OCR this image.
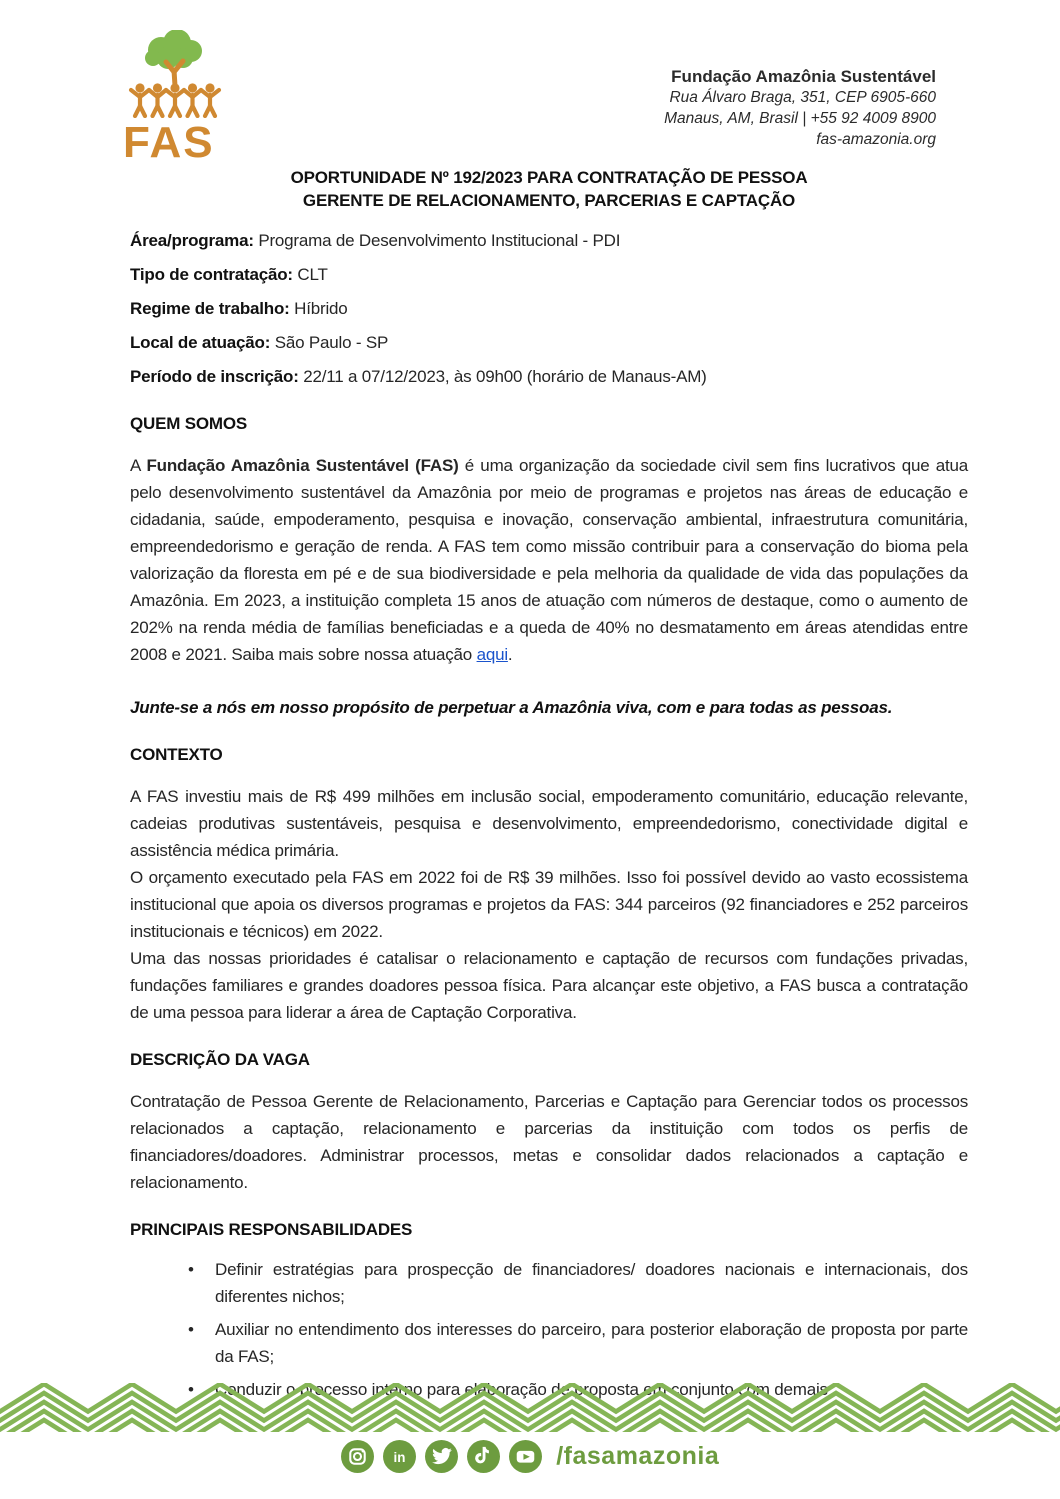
FAS
Fundação Amazônia Sustentável
Rua Álvaro Braga, 351, CEP 6905-660
Manaus, AM, Brasil | +55 92 4009 8900
fas-amazonia.org
OPORTUNIDADE Nº 192/2023 PARA CONTRATAÇÃO DE PESSOA
GERENTE DE RELACIONAMENTO, PARCERIAS E CAPTAÇÃO
Área/programa: Programa de Desenvolvimento Institucional - PDI
Tipo de contratação: CLT
Regime de trabalho: Híbrido
Local de atuação: São Paulo - SP
Período de inscrição: 22/11 a 07/12/2023, às 09h00 (horário de Manaus-AM)
QUEM SOMOS

A Fundação Amazônia Sustentável (FAS) é uma organização da sociedade civil sem fins lucrativos que atua pelo desenvolvimento sustentável da Amazônia por meio de programas e projetos nas áreas de educação e cidadania, saúde, empoderamento, pesquisa e inovação, conservação ambiental, infraestrutura comunitária, empreendedorismo e geração de renda. A FAS tem como missão contribuir para a conservação do bioma pela valorização da floresta em pé e de sua biodiversidade e pela melhoria da qualidade de vida das populações da Amazônia. Em 2023, a instituição completa 15 anos de atuação com números de destaque, como o aumento de 202% na renda média de famílias beneficiadas e a queda de 40% no desmatamento em áreas atendidas entre 2008 e 2021. Saiba mais sobre nossa atuação aqui.

Junte-se a nós em nosso propósito de perpetuar a Amazônia viva, com e para todas as pessoas.

CONTEXTO

A FAS investiu mais de R$ 499 milhões em inclusão social, empoderamento comunitário, educação relevante, cadeias produtivas sustentáveis, pesquisa e desenvolvimento, empreendedorismo, conectividade digital e assistência médica primária.

O orçamento executado pela FAS em 2022 foi de R$ 39 milhões. Isso foi possível devido ao vasto ecossistema institucional que apoia os diversos programas e projetos da FAS: 344 parceiros (92 financiadores e 252 parceiros institucionais e técnicos) em 2022.

Uma das nossas prioridades é catalisar o relacionamento e captação de recursos com fundações privadas, fundações familiares e grandes doadores pessoa física. Para alcançar este objetivo, a FAS busca a contratação de uma pessoa para liderar a área de Captação Corporativa.

DESCRIÇÃO DA VAGA

Contratação de Pessoa Gerente de Relacionamento, Parcerias e Captação para Gerenciar todos os processos relacionados a captação, relacionamento e parcerias da instituição com todos os perfis de financiadores/doadores. Administrar processos, metas e consolidar dados relacionados a captação e relacionamento.

PRINCIPAIS RESPONSABILIDADES
• Definir estratégias para prospecção de financiadores/ doadores nacionais e internacionais, dos diferentes nichos;
• Auxiliar no entendimento dos interesses do parceiro, para posterior elaboração de proposta por parte da FAS;
•
in	/fasamazonia
